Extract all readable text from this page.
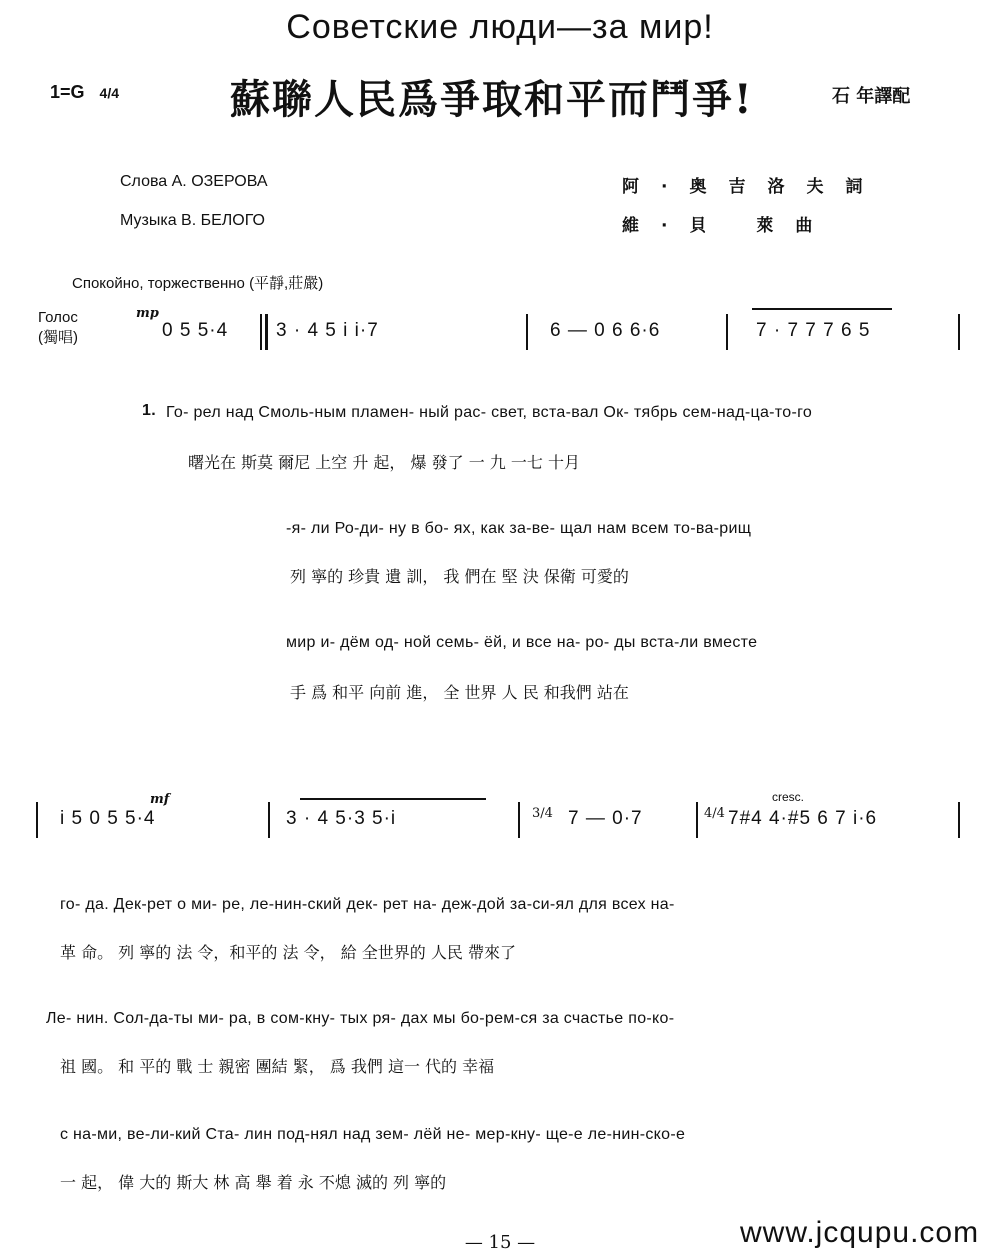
Советские люди—за мир!
1=G 4/4	蘇聯人民爲爭取和平而鬥爭!	石 年譯配
Слова А. ОЗЕРОВА
Музыка В. БЕЛОГО
阿·奥吉洛夫詞
維·貝 萊曲
Спокойно, торжественно (平靜,莊嚴)
Голос
(獨唱)
mp
0 5 5·4	3 · 4 5 i i·7	6 — 0 6 6·6	7 · 7 7 7 6 5
1. Го- рел над Смоль-ным пламен- ный рас- свет, вста-вал Ок- тябрь сем-над-ца-то-го
曙光在 斯莫 爾尼 上空 升 起， 爆 發了 一 九 一七 十月
-я- ли Ро-ди- ну в бо- ях, как за-ве- щал нам всем то-ва-рищ
列 寧的 珍貴 遺 訓， 我 們在 堅 決 保衛 可愛的
мир и- дём од- ной семь- ёй, и все на- ро- ды вста-ли вместе
手 爲 和平 向前 進， 全 世界 人 民 和我們 站在
mf
i 5 0 5 5·4	3 · 4 5·3 5·i	3/4 7 — 0·7	4/4
cresc.
7#4 4·#5 6 7 i·6
го- да. Дек-рет о ми- ре, ле-нин-ский дек- рет на- деж-дой за-си-ял для всех на-
革 命。 列 寧的 法 令，和平的 法 令， 給 全世界的 人民 帶來了
Ле- нин. Сол-да-ты ми- ра, в сом-кну- тых ря- дах мы бо-рем-ся за счастье по-ко-
祖 國。 和 平的 戰 士 親密 團結 緊， 爲 我們 這一 代的 幸福
с на-ми, ве-ли-кий Ста- лин под-нял над зем- лёй не- мер-кну- ще-е ле-нин-ско-е
一 起， 偉 大的 斯大 林 高 舉 着 永 不熄 滅的 列 寧的
— 15 —	www.jcqupu.com
